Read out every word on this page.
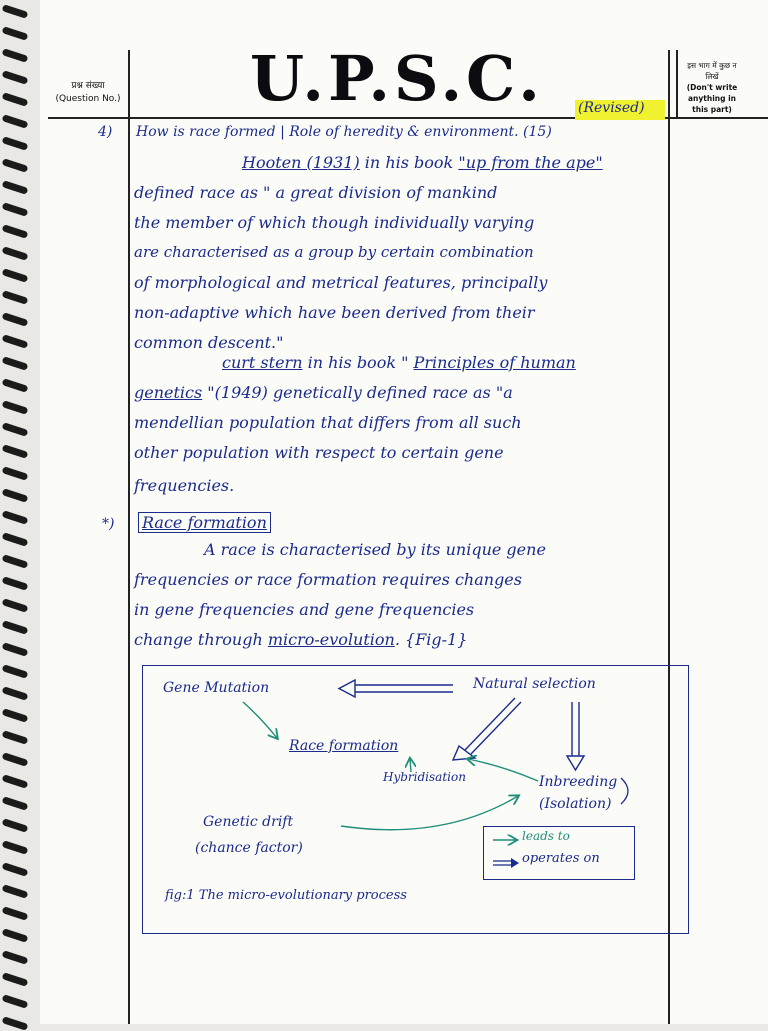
प्रश्न संख्या
(Question No.) U.P.S.C.	इस भाग में कुछ न लिखें
(Don't write anything in this part)
(Revised)
4) How is race formed | Role of heredity & environment. (15)
Hooten (1931) in his book "up from the ape"
defined race as " a great division of mankind
the member of which though individually varying
are characterised as a group by certain combination
of morphological and metrical features, principally
non-adaptive which have been derived from their
common descent."
curt stern in his book " Principles of human
genetics "(1949) genetically defined race as "a
mendellian population that differs from all such
other population with respect to certain gene
frequencies.
*) Race formation
A race is characterised by its unique gene
frequencies or race formation requires changes
in gene frequencies and gene frequencies
change through micro-evolution. {Fig-1}
Gene Mutation	Natural selection
Race formation
Hybridisation	Inbreeding
(Isolation)
Genetic drift
(chance factor)
leads to
operates on
fig:1 The micro-evolutionary process
